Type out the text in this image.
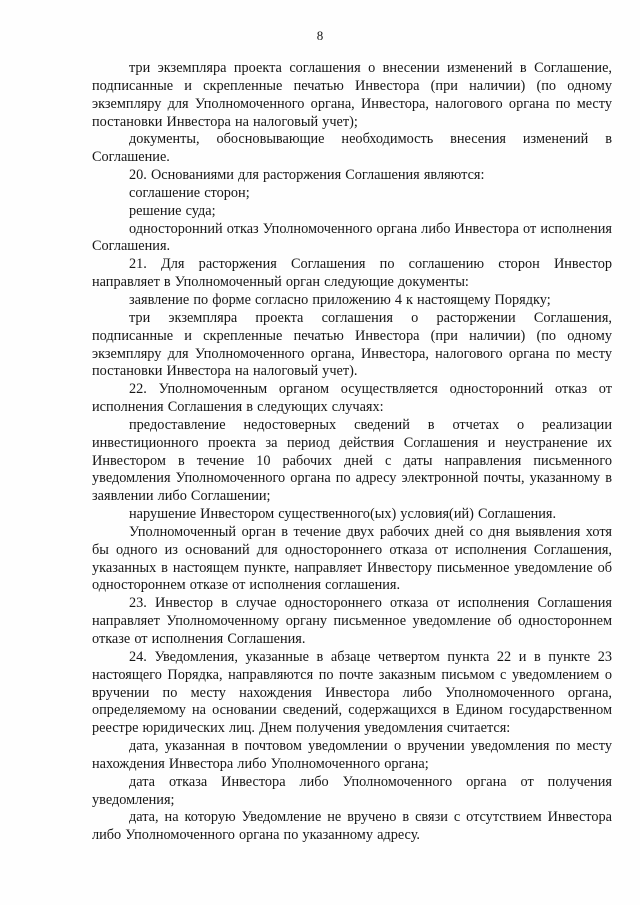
8

три экземпляра проекта соглашения о внесении изменений в Соглашение, подписанные и скрепленные печатью Инвестора (при наличии) (по одному экземпляру для Уполномоченного органа, Инвестора, налогового органа по месту постановки Инвестора на налоговый учет);

документы, обосновывающие необходимость внесения изменений в Соглашение.

20. Основаниями для расторжения Соглашения являются:

соглашение сторон;

решение суда;

односторонний отказ Уполномоченного органа либо Инвестора от исполнения Соглашения.

21. Для расторжения Соглашения по соглашению сторон Инвестор направляет в Уполномоченный орган следующие документы:

заявление по форме согласно приложению 4 к настоящему Порядку;

три экземпляра проекта соглашения о расторжении Соглашения, подписанные и скрепленные печатью Инвестора (при наличии) (по одному экземпляру для Уполномоченного органа, Инвестора, налогового органа по месту постановки Инвестора на налоговый учет).

22. Уполномоченным органом осуществляется односторонний отказ от исполнения Соглашения в следующих случаях:

предоставление недостоверных сведений в отчетах о реализации инвестиционного проекта за период действия Соглашения и неустранение их Инвестором в течение 10 рабочих дней с даты направления письменного уведомления Уполномоченного органа по адресу электронной почты, указанному в заявлении либо Соглашении;

нарушение Инвестором существенного(ых) условия(ий) Соглашения.

Уполномоченный орган в течение двух рабочих дней со дня выявления хотя бы одного из оснований для одностороннего отказа от исполнения Соглашения, указанных в настоящем пункте, направляет Инвестору письменное уведомление об одностороннем отказе от исполнения соглашения.

23. Инвестор в случае одностороннего отказа от исполнения Соглашения направляет Уполномоченному органу письменное уведомление об одностороннем отказе от исполнения Соглашения.

24. Уведомления, указанные в абзаце четвертом пункта 22 и в пункте 23 настоящего Порядка, направляются по почте заказным письмом с уведомлением о вручении по месту нахождения Инвестора либо Уполномоченного органа, определяемому на основании сведений, содержащихся в Едином государственном реестре юридических лиц. Днем получения уведомления считается:

дата, указанная в почтовом уведомлении о вручении уведомления по месту нахождения Инвестора либо Уполномоченного органа;

дата отказа Инвестора либо Уполномоченного органа от получения уведомления;

дата, на которую Уведомление не вручено в связи с отсутствием Инвестора либо Уполномоченного органа по указанному адресу.
